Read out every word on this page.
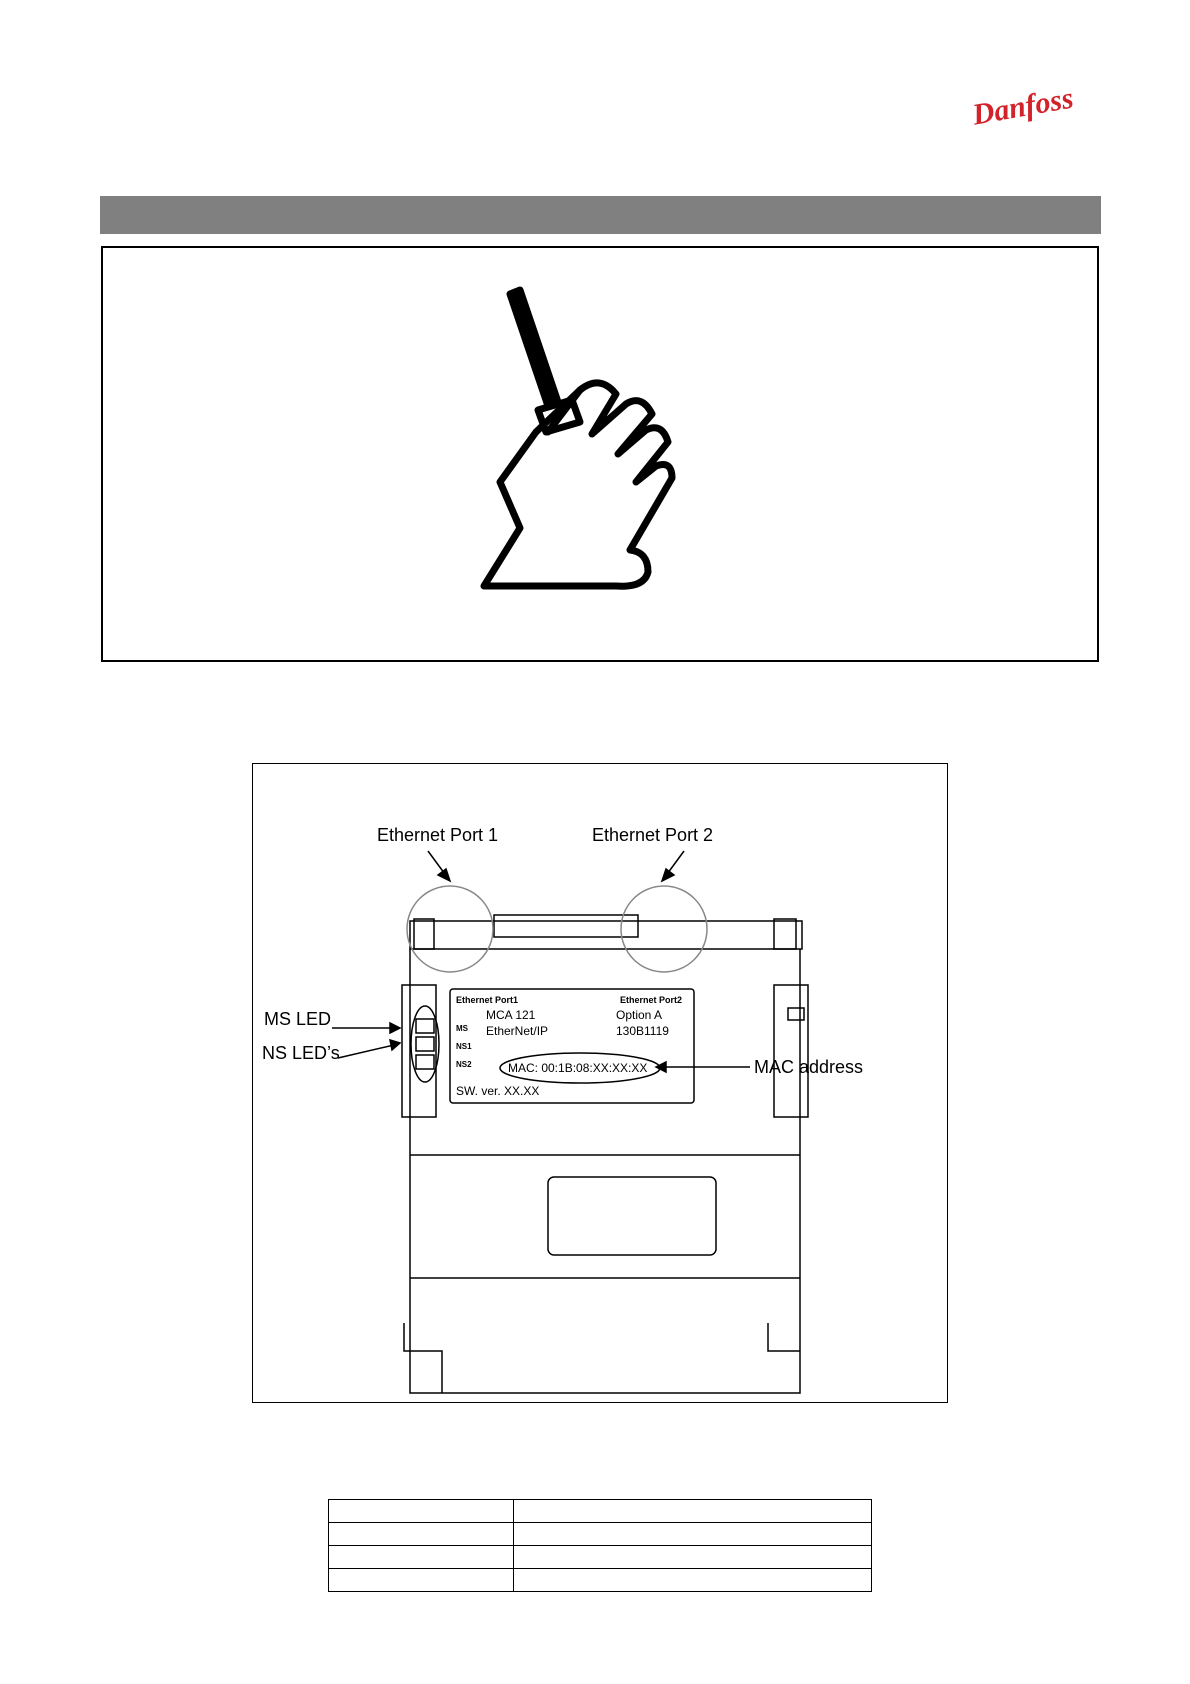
Danfoss
Ethernet Port 1	Ethernet Port 2
MS LED
NS LED’s
MAC address
Ethernet Port1	Ethernet Port2
MS
NS1
NS2
MCA 121
EtherNet/IP
Option A
130B1119
MAC: 00:1B:08:XX:XX:XX
SW. ver. XX.XX
